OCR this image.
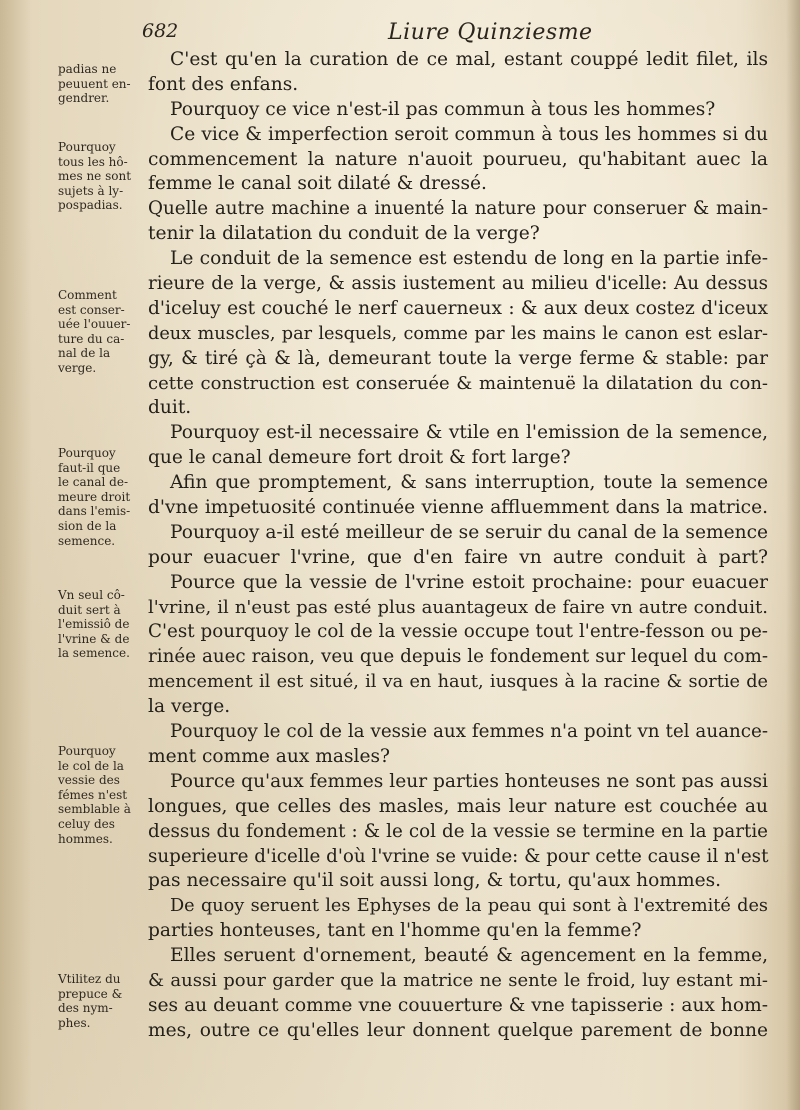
682	Liure Quinziesme
padias ne
peuuent en-
gendrer.
Pourquoy
tous les hô-
mes ne sont
sujets à ly-
pospadias.
Comment
est conser-
uée l'ouuer-
ture du ca-
nal de la
verge.
Pourquoy
faut-il que
le canal de-
meure droit
dans l'emis-
sion de la
semence.
Vn seul cô-
duit sert à
l'emissiô de
l'vrine & de
la semence.
Pourquoy
le col de la
vessie des
fémes n'est
semblable à
celuy des
hommes.
Vtilitez du
prepuce &
des nym-
phes.
C'est qu'en la curation de ce mal, estant couppé ledit filet, ils
font des enfans.
Pourquoy ce vice n'est-il pas commun à tous les hommes?
Ce vice & imperfection seroit commun à tous les hommes si du
commencement la nature n'auoit pourueu, qu'habitant auec la
femme le canal soit dilaté & dressé.
Quelle autre machine a inuenté la nature pour conseruer & main-
tenir la dilatation du conduit de la verge?
Le conduit de la semence est estendu de long en la partie infe-
rieure de la verge, & assis iustement au milieu d'icelle: Au dessus
d'iceluy est couché le nerf cauerneux : & aux deux costez d'iceux
deux muscles, par lesquels, comme par les mains le canon est eslar-
gy, & tiré çà & là, demeurant toute la verge ferme & stable: par
cette construction est conseruée & maintenuë la dilatation du con-
duit.
Pourquoy est-il necessaire & vtile en l'emission de la semence,
que le canal demeure fort droit & fort large?
Afin que promptement, & sans interruption, toute la semence
d'vne impetuosité continuée vienne affluemment dans la matrice.
Pourquoy a-il esté meilleur de se seruir du canal de la semence
pour euacuer l'vrine, que d'en faire vn autre conduit à part?
Pource que la vessie de l'vrine estoit prochaine: pour euacuer
l'vrine, il n'eust pas esté plus auantageux de faire vn autre conduit.
C'est pourquoy le col de la vessie occupe tout l'entre-fesson ou pe-
rinée auec raison, veu que depuis le fondement sur lequel du com-
mencement il est situé, il va en haut, iusques à la racine & sortie de
la verge.
Pourquoy le col de la vessie aux femmes n'a point vn tel auance-
ment comme aux masles?
Pource qu'aux femmes leur parties honteuses ne sont pas aussi
longues, que celles des masles, mais leur nature est couchée au
dessus du fondement : & le col de la vessie se termine en la partie
superieure d'icelle d'où l'vrine se vuide: & pour cette cause il n'est
pas necessaire qu'il soit aussi long, & tortu, qu'aux hommes.
De quoy seruent les Ephyses de la peau qui sont à l'extremité des
parties honteuses, tant en l'homme qu'en la femme?
Elles seruent d'ornement, beauté & agencement en la femme,
& aussi pour garder que la matrice ne sente le froid, luy estant mi-
ses au deuant comme vne couuerture & vne tapisserie : aux hom-
mes, outre ce qu'elles leur donnent quelque parement de bonne
